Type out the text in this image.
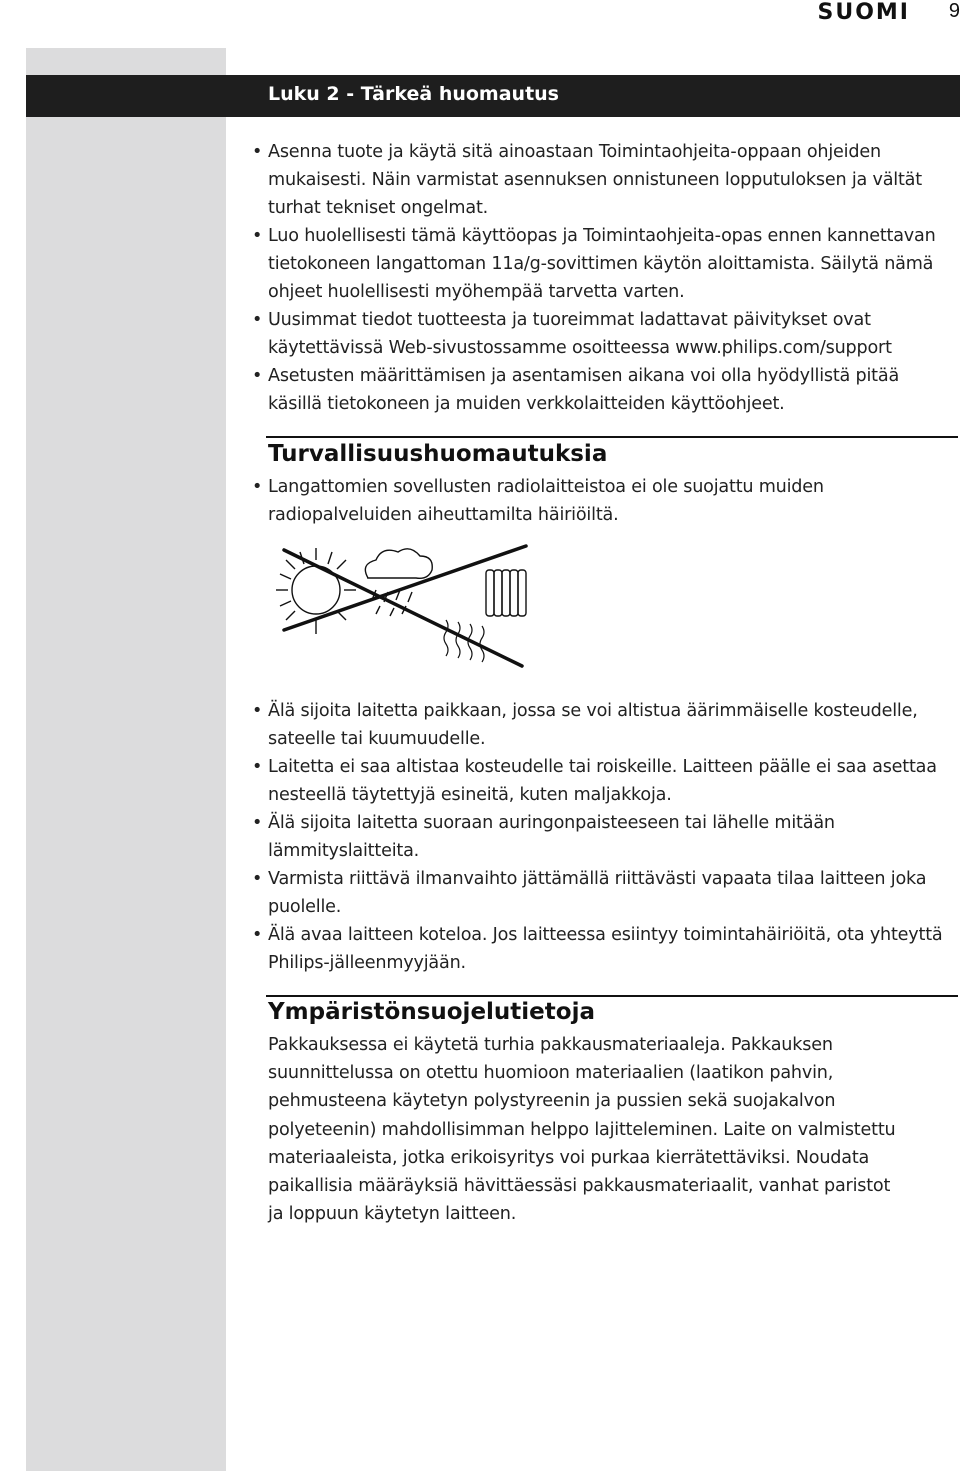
SUOMI 9
Luku 2 - Tärkeä huomautus
• Asenna tuote ja käytä sitä ainoastaan Toimintaohjeita-oppaan ohjeiden mukaisesti. Näin varmistat asennuksen onnistuneen lopputuloksen ja vältät turhat tekniset ongelmat.
• Luo huolellisesti tämä käyttöopas ja Toimintaohjeita-opas ennen kannettavan tietokoneen langattoman 11a/g-sovittimen käytön aloittamista. Säilytä nämä ohjeet huolellisesti myöhempää tarvetta varten.
• Uusimmat tiedot tuotteesta ja tuoreimmat ladattavat päivitykset ovat käytettävissä Web-sivustossamme osoitteessa www.philips.com/support
• Asetusten määrittämisen ja asentamisen aikana voi olla hyödyllistä pitää käsillä tietokoneen ja muiden verkkolaitteiden käyttöohjeet.
Turvallisuushuomautuksia
• Langattomien sovellusten radiolaitteistoa ei ole suojattu muiden radiopalveluiden aiheuttamilta häiriöiltä.
• Älä sijoita laitetta paikkaan, jossa se voi altistua äärimmäiselle kosteudelle, sateelle tai kuumuudelle.
• Laitetta ei saa altistaa kosteudelle tai roiskeille. Laitteen päälle ei saa asettaa nesteellä täytettyjä esineitä, kuten maljakkoja.
• Älä sijoita laitetta suoraan auringonpaisteeseen tai lähelle mitään lämmityslaitteita.
• Varmista riittävä ilmanvaihto jättämällä riittävästi vapaata tilaa laitteen joka puolelle.
• Älä avaa laitteen koteloa. Jos laitteessa esiintyy toimintahäiriöitä, ota yhteyttä Philips-jälleenmyyjään.
Ympäristönsuojelutietoja
Pakkauksessa ei käytetä turhia pakkausmateriaaleja. Pakkauksen suunnittelussa on otettu huomioon materiaalien (laatikon pahvin, pehmusteena käytetyn polystyreenin ja pussien sekä suojakalvon polyeteenin) mahdollisimman helppo lajitteleminen. Laite on valmistettu materiaaleista, jotka erikoisyritys voi purkaa kierrätettäviksi. Noudata paikallisia määräyksiä hävittäessäsi pakkausmateriaalit, vanhat paristot ja loppuun käytetyn laitteen.
